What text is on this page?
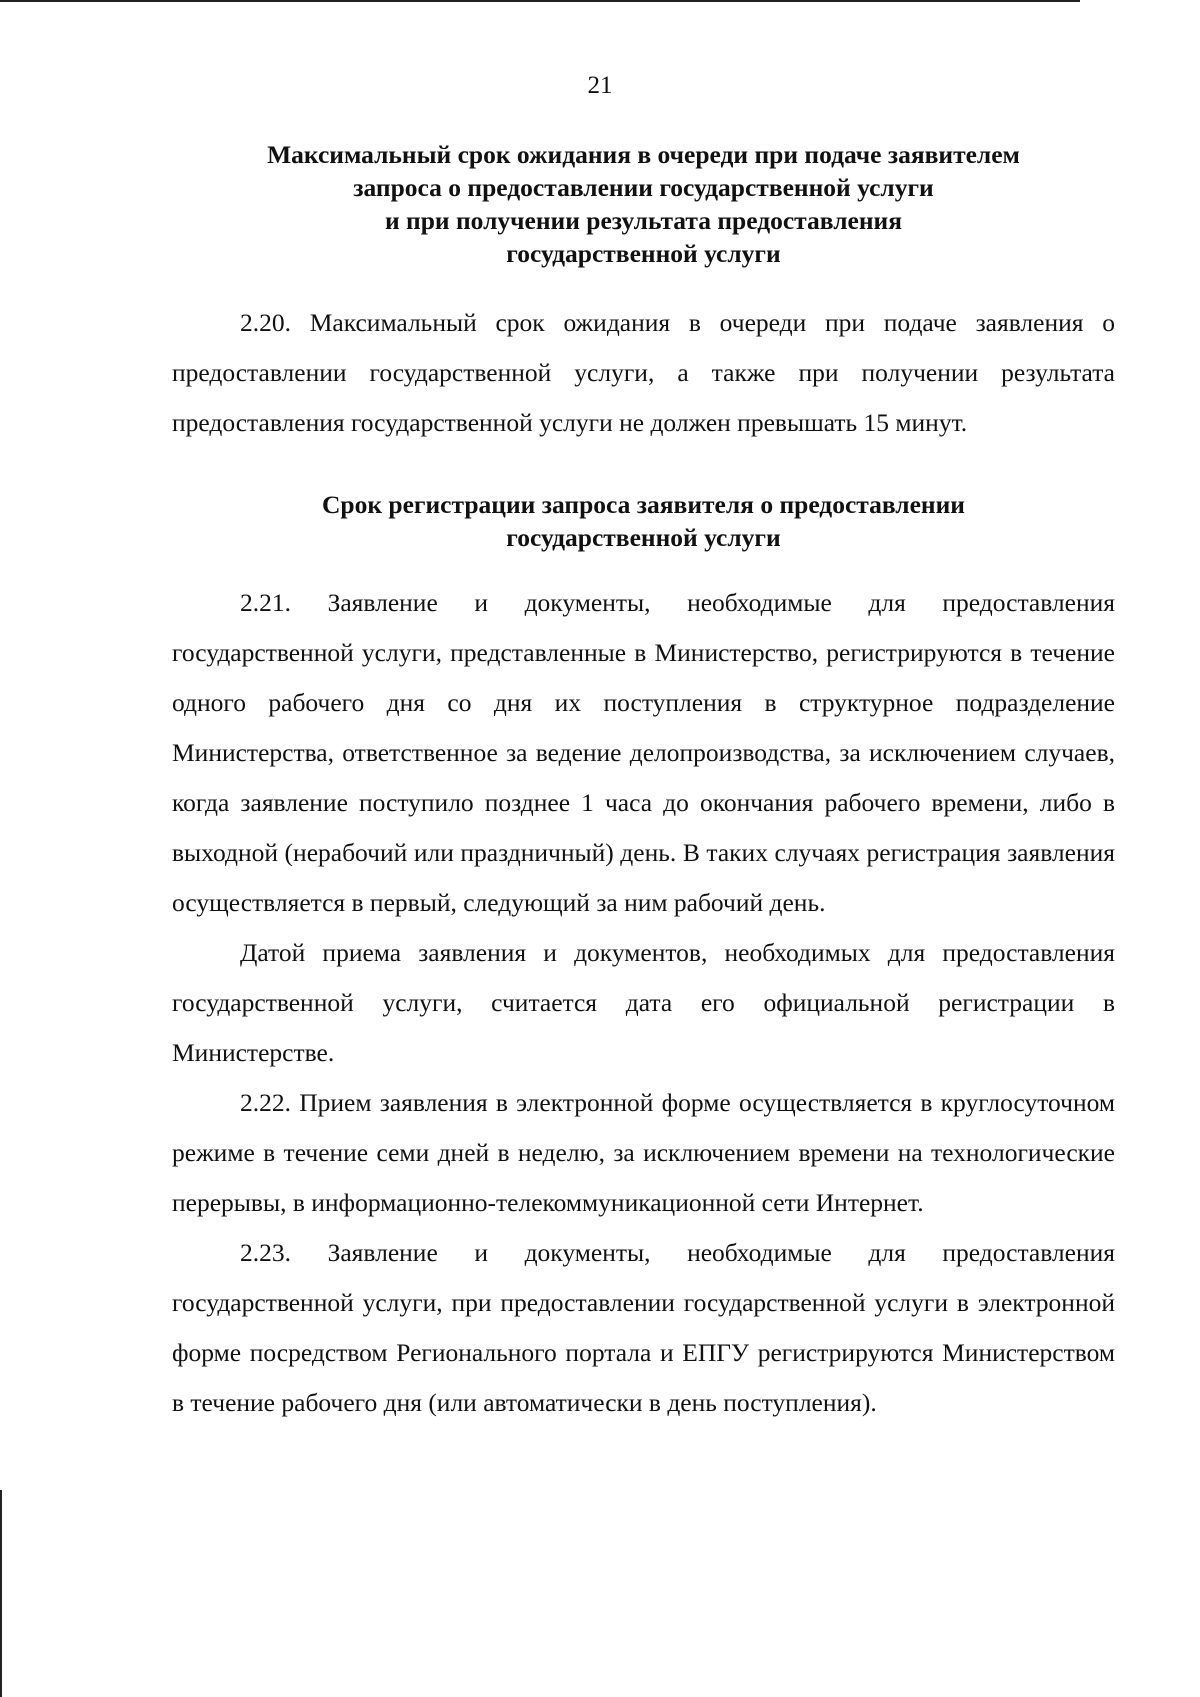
21
Максимальный срок ожидания в очереди при подаче заявителем
запроса о предоставлении государственной услуги
и при получении результата предоставления
государственной услуги

2.20. Максимальный срок ожидания в очереди при подаче заявления о предоставлении государственной услуги, а также при получении результата предоставления государственной услуги не должен превышать 15 минут.

Срок регистрации запроса заявителя о предоставлении
государственной услуги

2.21. Заявление и документы, необходимые для предоставления государственной услуги, представленные в Министерство, регистрируются в течение одного рабочего дня со дня их поступления в структурное подразделение Министерства, ответственное за ведение делопроизводства, за исключением случаев, когда заявление поступило позднее 1 часа до окончания рабочего времени, либо в выходной (нерабочий или праздничный) день. В таких случаях регистрация заявления осуществляется в первый, следующий за ним рабочий день.

Датой приема заявления и документов, необходимых для предоставления государственной услуги, считается дата его официальной регистрации в Министерстве.

2.22. Прием заявления в электронной форме осуществляется в круглосуточном режиме в течение семи дней в неделю, за исключением времени на технологические перерывы, в информационно-телекоммуникационной сети Интернет.

2.23. Заявление и документы, необходимые для предоставления государственной услуги, при предоставлении государственной услуги в электронной форме посредством Регионального портала и ЕПГУ регистрируются Министерством в течение рабочего дня (или автоматически в день поступления).
